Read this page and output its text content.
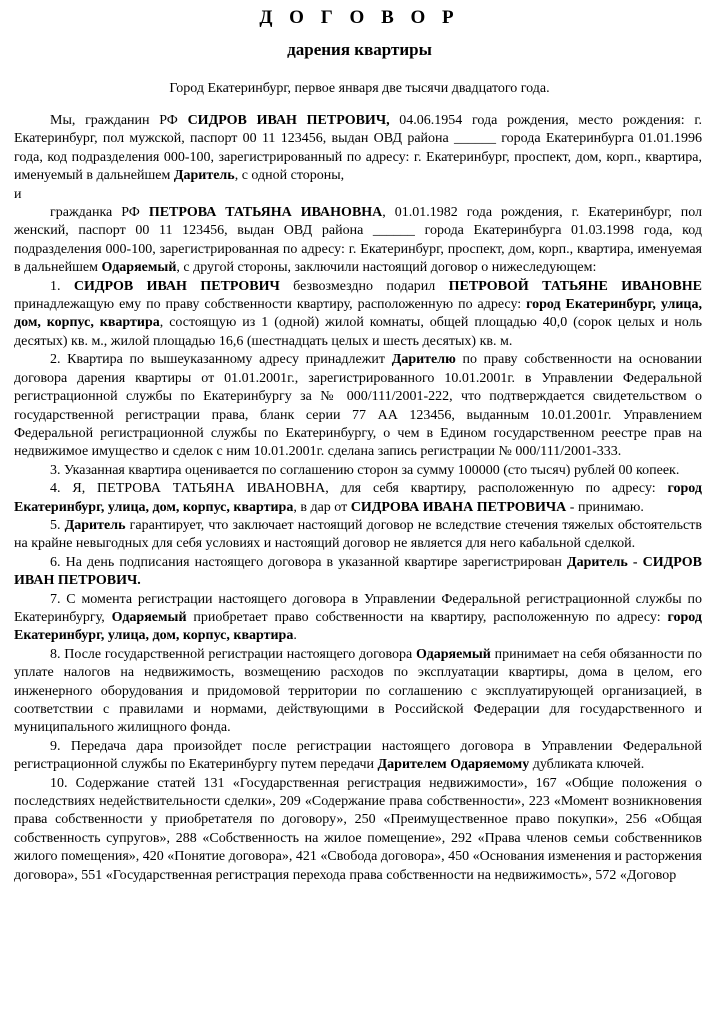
Д О Г О В О Р
дарения квартиры
Город Екатеринбург, первое января две тысячи двадцатого года.

Мы, гражданин РФ СИДРОВ ИВАН ПЕТРОВИЧ, 04.06.1954 года рождения, место рождения: г. Екатеринбург, пол мужской, паспорт 00 11 123456, выдан ОВД района ______ города Екатеринбурга 01.01.1996 года, код подразделения 000-100, зарегистрированный по адресу: г. Екатеринбург, проспект, дом, корп., квартира, именуемый в дальнейшем Даритель, с одной стороны,

и

гражданка РФ ПЕТРОВА ТАТЬЯНА ИВАНОВНА, 01.01.1982 года рождения, г. Екатеринбург, пол женский, паспорт 00 11 123456, выдан ОВД района ______ города Екатеринбурга 01.03.1998 года, код подразделения 000-100, зарегистрированная по адресу: г. Екатеринбург, проспект, дом, корп., квартира, именуемая в дальнейшем Одаряемый, с другой стороны, заключили настоящий договор о нижеследующем:

1. СИДРОВ ИВАН ПЕТРОВИЧ безвозмездно подарил ПЕТРОВОЙ ТАТЬЯНЕ ИВАНОВНЕ принадлежащую ему по праву собственности квартиру, расположенную по адресу: город Екатеринбург, улица, дом, корпус, квартира, состоящую из 1 (одной) жилой комнаты, общей площадью 40,0 (сорок целых и ноль десятых) кв. м., жилой площадью 16,6 (шестнадцать целых и шесть десятых) кв. м.

2. Квартира по вышеуказанному адресу принадлежит Дарителю по праву собственности на основании договора дарения квартиры от 01.01.2001г., зарегистрированного 10.01.2001г. в Управлении Федеральной регистрационной службы по Екатеринбургу за № 000/111/2001-222, что подтверждается свидетельством о государственной регистрации права, бланк серии 77 АА 123456, выданным 10.01.2001г. Управлением Федеральной регистрационной службы по Екатеринбургу, о чем в Едином государственном реестре прав на недвижимое имущество и сделок с ним 10.01.2001г. сделана запись регистрации № 000/111/2001-333.

3. Указанная квартира оценивается по соглашению сторон за сумму 100000 (сто тысяч) рублей 00 копеек.

4. Я, ПЕТРОВА ТАТЬЯНА ИВАНОВНА, для себя квартиру, расположенную по адресу: город Екатеринбург, улица, дом, корпус, квартира, в дар от СИДРОВА ИВАНА ПЕТРОВИЧА - принимаю.

5. Даритель гарантирует, что заключает настоящий договор не вследствие стечения тяжелых обстоятельств на крайне невыгодных для себя условиях и настоящий договор не является для него кабальной сделкой.

6. На день подписания настоящего договора в указанной квартире зарегистрирован Даритель - СИДРОВ ИВАН ПЕТРОВИЧ.

7. С момента регистрации настоящего договора в Управлении Федеральной регистрационной службы по Екатеринбургу, Одаряемый приобретает право собственности на квартиру, расположенную по адресу: город Екатеринбург, улица, дом, корпус, квартира.

8. После государственной регистрации настоящего договора Одаряемый принимает на себя обязанности по уплате налогов на недвижимость, возмещению расходов по эксплуатации квартиры, дома в целом, его инженерного оборудования и придомовой территории по соглашению с эксплуатирующей организацией, в соответствии с правилами и нормами, действующими в Российской Федерации для государственного и муниципального жилищного фонда.

9. Передача дара произойдет после регистрации настоящего договора в Управлении Федеральной регистрационной службы по Екатеринбургу путем передачи Дарителем Одаряемому дубликата ключей.

10. Содержание статей 131 «Государственная регистрация недвижимости», 167 «Общие положения о последствиях недействительности сделки», 209 «Содержание права собственности», 223 «Момент возникновения права собственности у приобретателя по договору», 250 «Преимущественное право покупки», 256 «Общая собственность супругов», 288 «Собственность на жилое помещение», 292 «Права членов семьи собственников жилого помещения», 420 «Понятие договора», 421 «Свобода договора», 450 «Основания изменения и расторжения договора», 551 «Государственная регистрация перехода права собственности на недвижимость», 572 «Договор
